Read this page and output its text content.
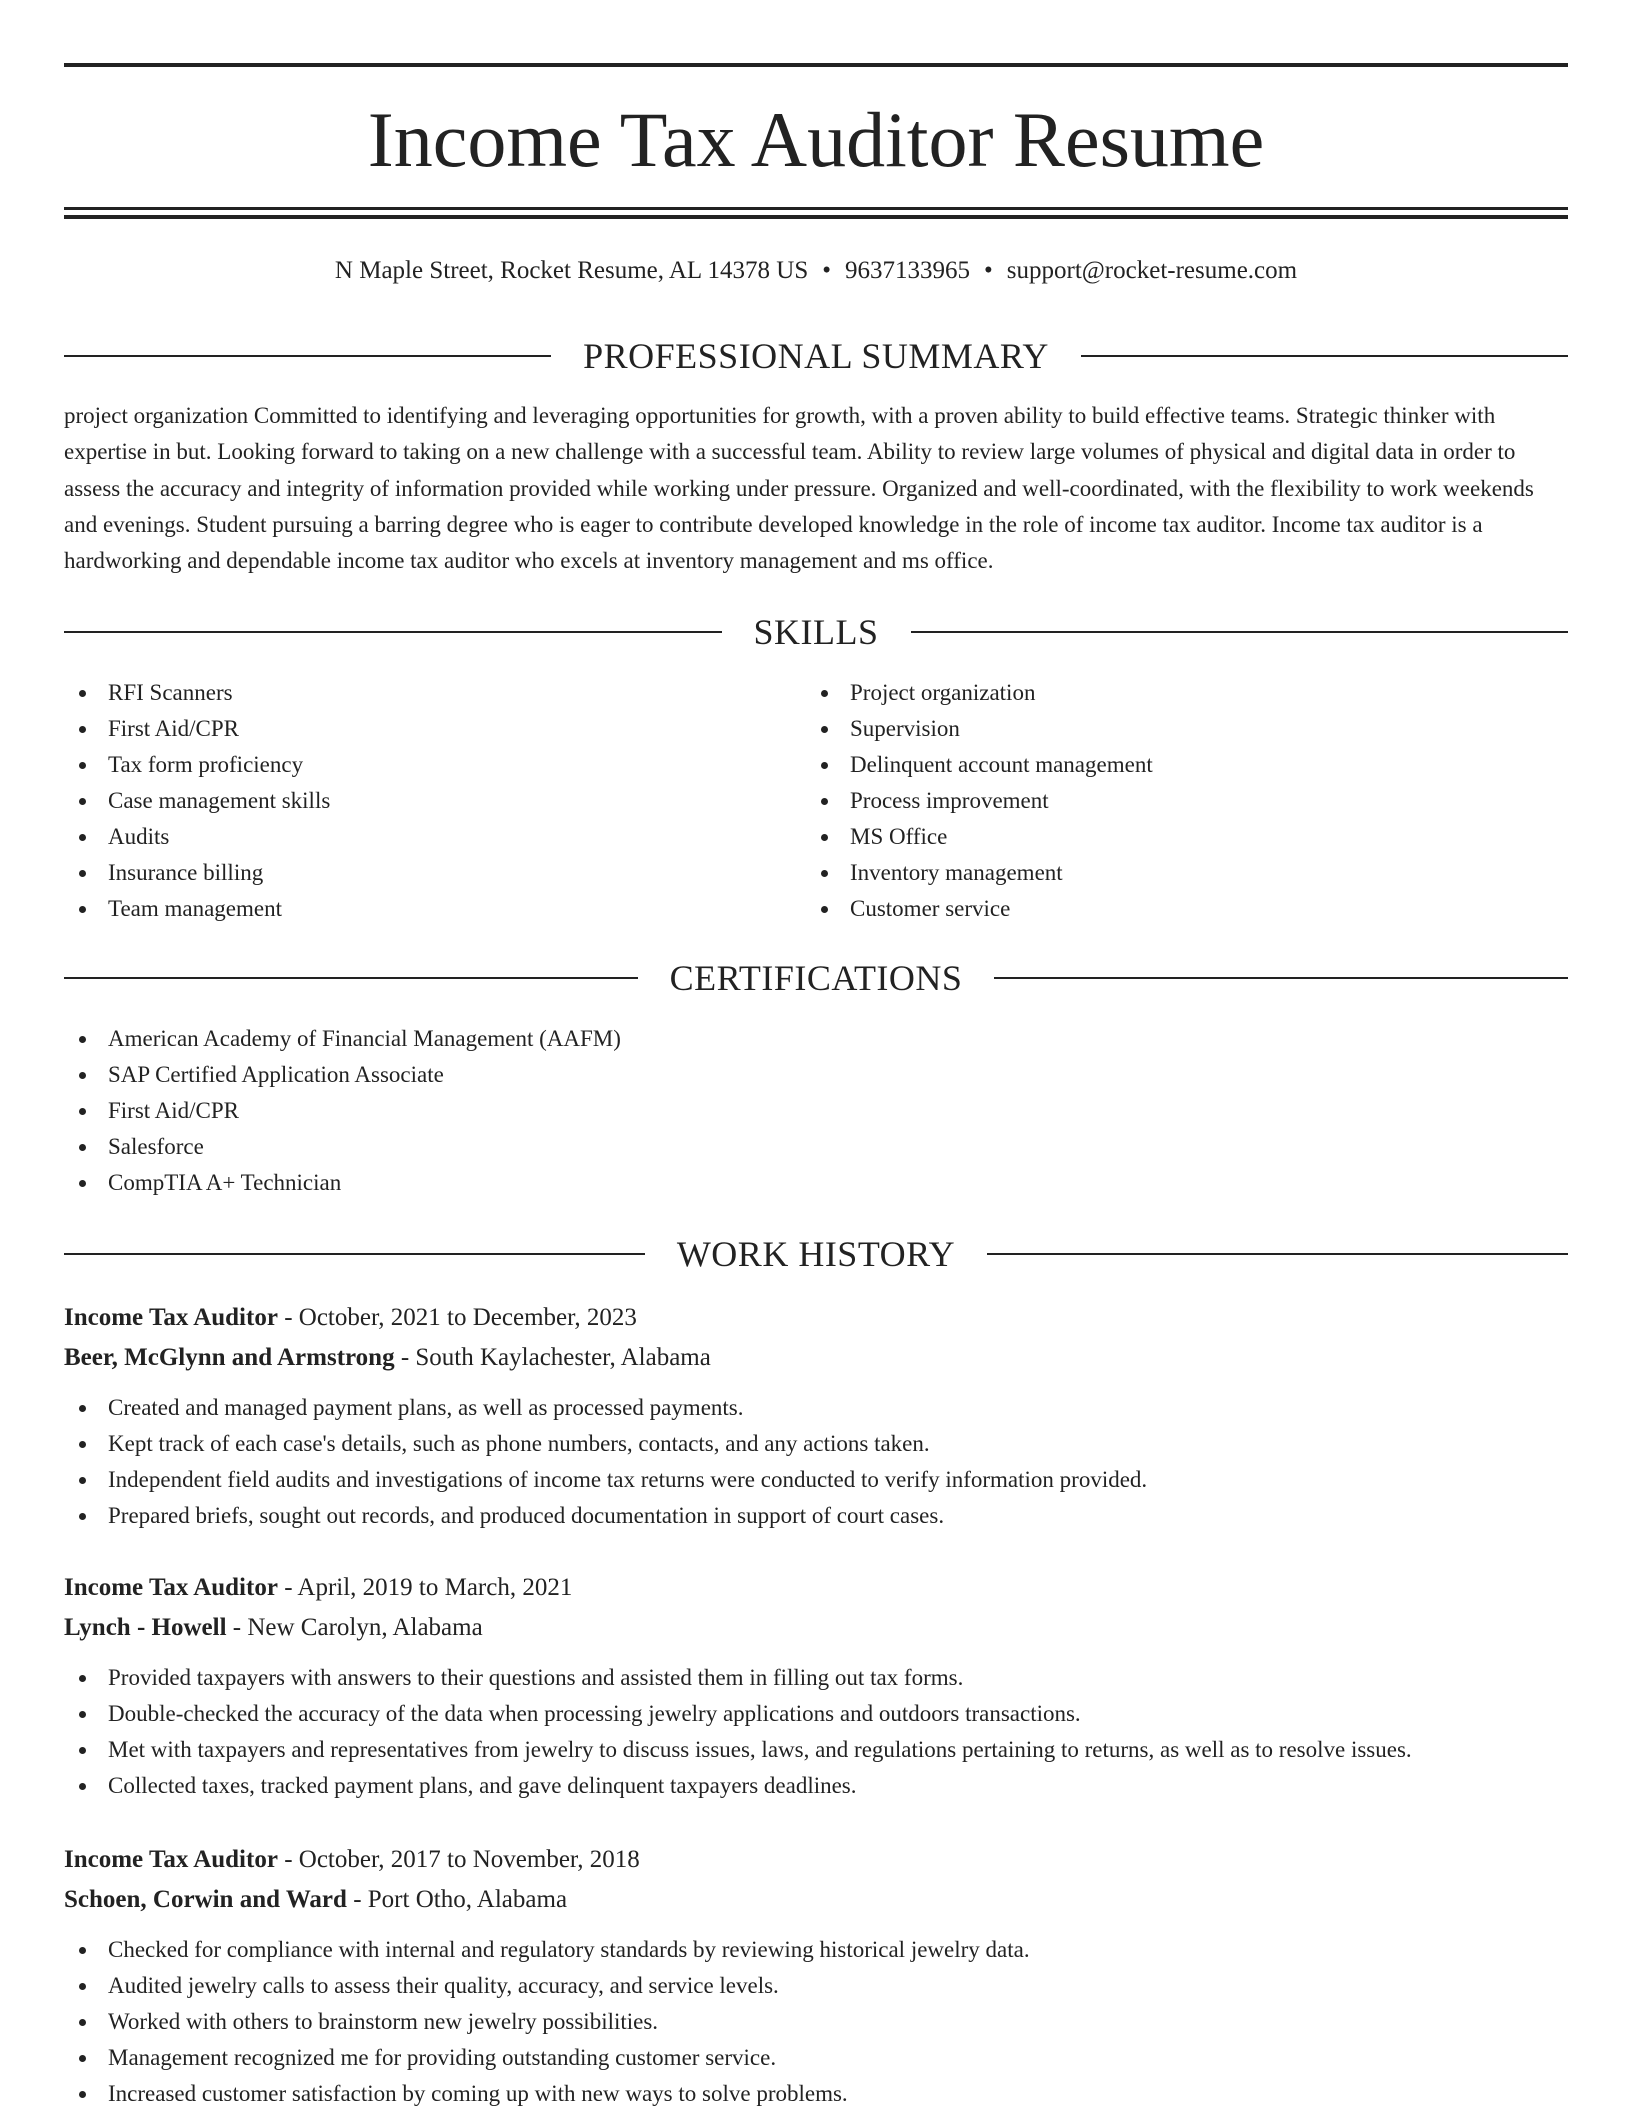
Income Tax Auditor Resume
N Maple Street, Rocket Resume, AL 14378 US • 9637133965 • support@rocket-resume.com
PROFESSIONAL SUMMARY

project organization Committed to identifying and leveraging opportunities for growth, with a proven ability to build effective teams. Strategic thinker with expertise in but. Looking forward to taking on a new challenge with a successful team. Ability to review large volumes of physical and digital data in order to assess the accuracy and integrity of information provided while working under pressure. Organized and well-coordinated, with the flexibility to work weekends and evenings. Student pursuing a barring degree who is eager to contribute developed knowledge in the role of income tax auditor. Income tax auditor is a hardworking and dependable income tax auditor who excels at inventory management and ms office.

SKILLS
RFI Scanners
First Aid/CPR
Tax form proficiency
Case management skills
Audits
Insurance billing
Team management
Project organization
Supervision
Delinquent account management
Process improvement
MS Office
Inventory management
Customer service
CERTIFICATIONS
American Academy of Financial Management (AAFM)
SAP Certified Application Associate
First Aid/CPR
Salesforce
CompTIA A+ Technician
WORK HISTORY
Income Tax Auditor - October, 2021 to December, 2023
Beer, McGlynn and Armstrong - South Kaylachester, Alabama
Created and managed payment plans, as well as processed payments.
Kept track of each case's details, such as phone numbers, contacts, and any actions taken.
Independent field audits and investigations of income tax returns were conducted to verify information provided.
Prepared briefs, sought out records, and produced documentation in support of court cases.
Income Tax Auditor - April, 2019 to March, 2021
Lynch - Howell - New Carolyn, Alabama
Provided taxpayers with answers to their questions and assisted them in filling out tax forms.
Double-checked the accuracy of the data when processing jewelry applications and outdoors transactions.
Met with taxpayers and representatives from jewelry to discuss issues, laws, and regulations pertaining to returns, as well as to resolve issues.
Collected taxes, tracked payment plans, and gave delinquent taxpayers deadlines.
Income Tax Auditor - October, 2017 to November, 2018
Schoen, Corwin and Ward - Port Otho, Alabama
Checked for compliance with internal and regulatory standards by reviewing historical jewelry data.
Audited jewelry calls to assess their quality, accuracy, and service levels.
Worked with others to brainstorm new jewelry possibilities.
Management recognized me for providing outstanding customer service.
Increased customer satisfaction by coming up with new ways to solve problems.
